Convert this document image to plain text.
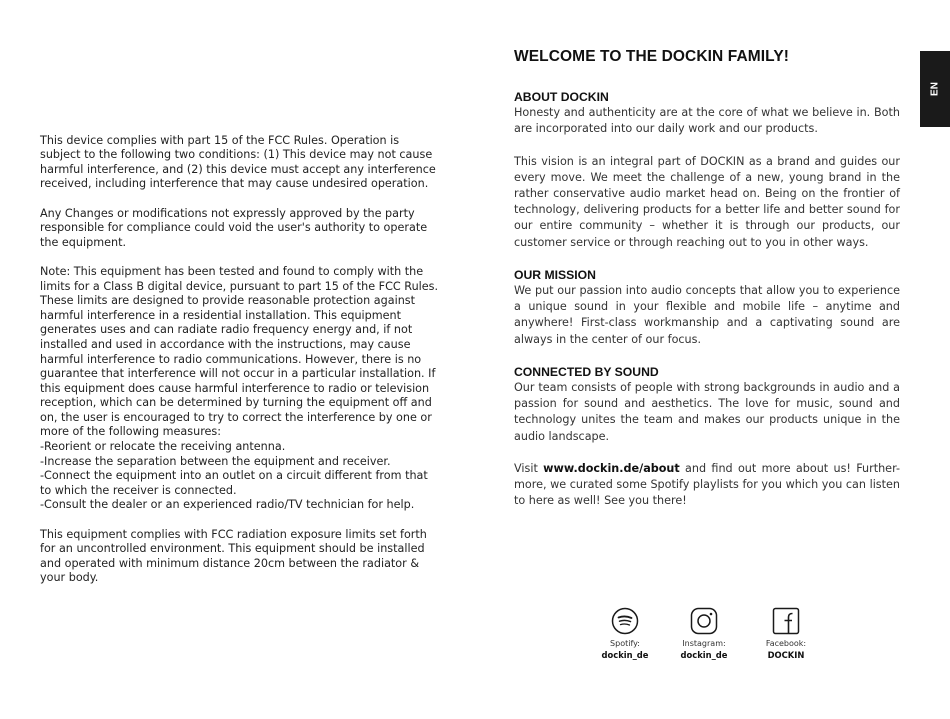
This device complies with part 15 of the FCC Rules. Operation is
subject to the following two conditions: (1) This device may not cause
harmful interference, and (2) this device must accept any interference
received, including interference that may cause undesired operation.

Any Changes or modifications not expressly approved by the party
responsible for compliance could void the user's authority to operate
the equipment.

Note: This equipment has been tested and found to comply with the
limits for a Class B digital device, pursuant to part 15 of the FCC Rules.
These limits are designed to provide reasonable protection against
harmful interference in a residential installation. This equipment
generates uses and can radiate radio frequency energy and, if not
installed and used in accordance with the instructions, may cause
harmful interference to radio communications. However, there is no
guarantee that interference will not occur in a particular installation. If
this equipment does cause harmful interference to radio or television
reception, which can be determined by turning the equipment off and
on, the user is encouraged to try to correct the interference by one or
more of the following measures:
-Reorient or relocate the receiving antenna.
-Increase the separation between the equipment and receiver.
-Connect the equipment into an outlet on a circuit different from that
to which the receiver is connected.
-Consult the dealer or an experienced radio/TV technician for help.

This equipment complies with FCC radiation exposure limits set forth
for an uncontrolled environment. This equipment should be installed
and operated with minimum distance 20cm between the radiator &
your body.

WELCOME TO THE DOCKIN FAMILY!
EN
ABOUT DOCKIN

Honesty and authenticity are at the core of what we believe in. Both are incorporated into our daily work and our products.

This vision is an integral part of DOCKIN as a brand and guides our every move. We meet the challenge of a new, young brand in the rather conservative audio market head on. Being on the frontier of technology, delivering products for a better life and better sound for our entire community – whether it is through our products, our customer service or through reaching out to you in other ways.

OUR MISSION

We put our passion into audio concepts that allow you to experience a unique sound in your flexible and mobile life – anytime and anywhere! First-class workmanship and a captivating sound are always in the center of our focus.

CONNECTED BY SOUND

Our team consists of people with strong backgrounds in audio and a passion for sound and aesthetics. The love for music, sound and technology unites the team and makes our products unique in the audio landscape.

Visit www.dockin.de/about and find out more about us! Further-more, we curated some Spotify playlists for you which you can listen to here as well! See you there!

Spotify:
dockin_de
Instagram:
dockin_de
Facebook:
DOCKIN
